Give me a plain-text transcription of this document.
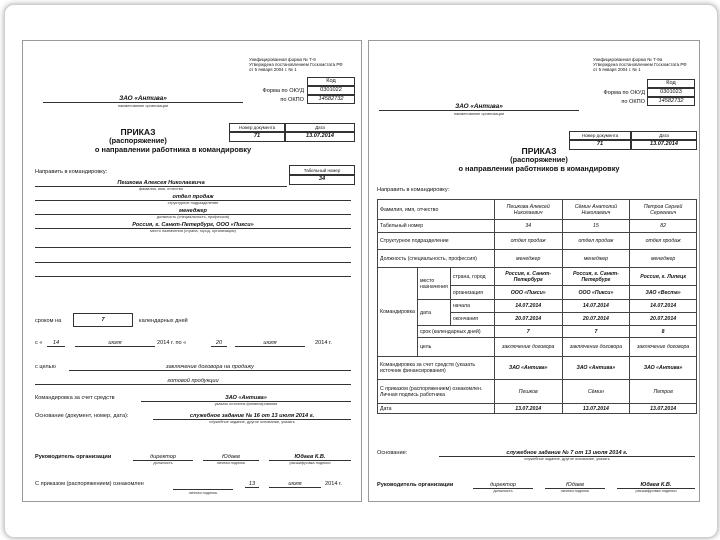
Унифицированная форма № Т-9
Утверждена постановлением Госкомстата РФ
от 5 января 2004 г. № 1
Код
Форма по ОКУД	0301022
по ОКПО	14582732
ЗАО «Антива»
наименование организации
Номер документа	Дата
71	13.07.2014
ПРИКАЗ
(распоряжение)
о направлении работника в командировку
Табельный номер
34
Направить в командировку:
Пешкова Алексея Николаевича
фамилия, имя, отчество
отдел продаж
структурное подразделение
менеджер
должность (специальность, профессия)
Россия, г. Санкт-Петербург, ООО «Пикси»
место назначения (страна, город, организация)
сроком на	7	календарных дней
с «	14	июля	2014 г. по «	20	июля	2014 г.
с целью	заключение договора на продажу
готовой продукции
Командировка за счет средств	ЗАО «Антива»
указать источник финансирования
Основание (документ, номер, дата):	служебное задание № 16 от 13 июля 2014 г.
служебное задание, другое основание, указать
Руководитель организации	директор	Юдаев	Юдаев К.В.
должность	личная подпись	расшифровка подписи
С приказом (распоряжением) ознакомлен
личная подпись
13	июля	2014 г.
Унифицированная форма № Т-9а
Утверждена постановлением Госкомстата РФ
от 5 января 2004 г. № 1
Код
Форма по ОКУД	0301023
по ОКПО	14582732
ЗАО «Антива»
наименование организации
Номер документа	Дата
71	13.07.2014
ПРИКАЗ
(распоряжение)
о направлении работников в командировку
Направить в командировку:
Фамилия, имя, отчество			Пешкова Алексей Николаевич	Сёмин Анатолий Николаевич	Петров Сергей Сергеевич
Табельный номер			34	15	82
Структурное подразделение			отдел продаж	отдел продаж	отдел продаж
Должность (специальность, профессия)			менеджер	менеджер	менеджер
Командировка	место назначения	страна, город	Россия, г. Санкт-Петербург	Россия, г. Санкт-Петербург	Россия, г. Липецк
		организация	ООО «Пикси»	ООО «Пикси»	ЗАО «Веста»
	дата	начала	14.07.2014	14.07.2014	14.07.2014
		окончания	20.07.2014	20.07.2014	20.07.2014
	срок (календарных дней)		7	7	8
	цель		заключение договора	заключение договора	заключение договора
Командировка за счет средств (указать источник финансирования)			ЗАО «Антива»	ЗАО «Антива»	ЗАО «Антива»
С приказом (распоряжением) ознакомлен. Личная подпись работника			Пешков	Сёмин	Петров
Дата			13.07.2014	13.07.2014	13.07.2014
Основание:	служебное задание № 7 от 13 июля 2014 г.
служебное задание, другое основание, указать
Руководитель организации	директор	Юдаев	Юдаев К.В.
должность	личная подпись	расшифровка подписи
